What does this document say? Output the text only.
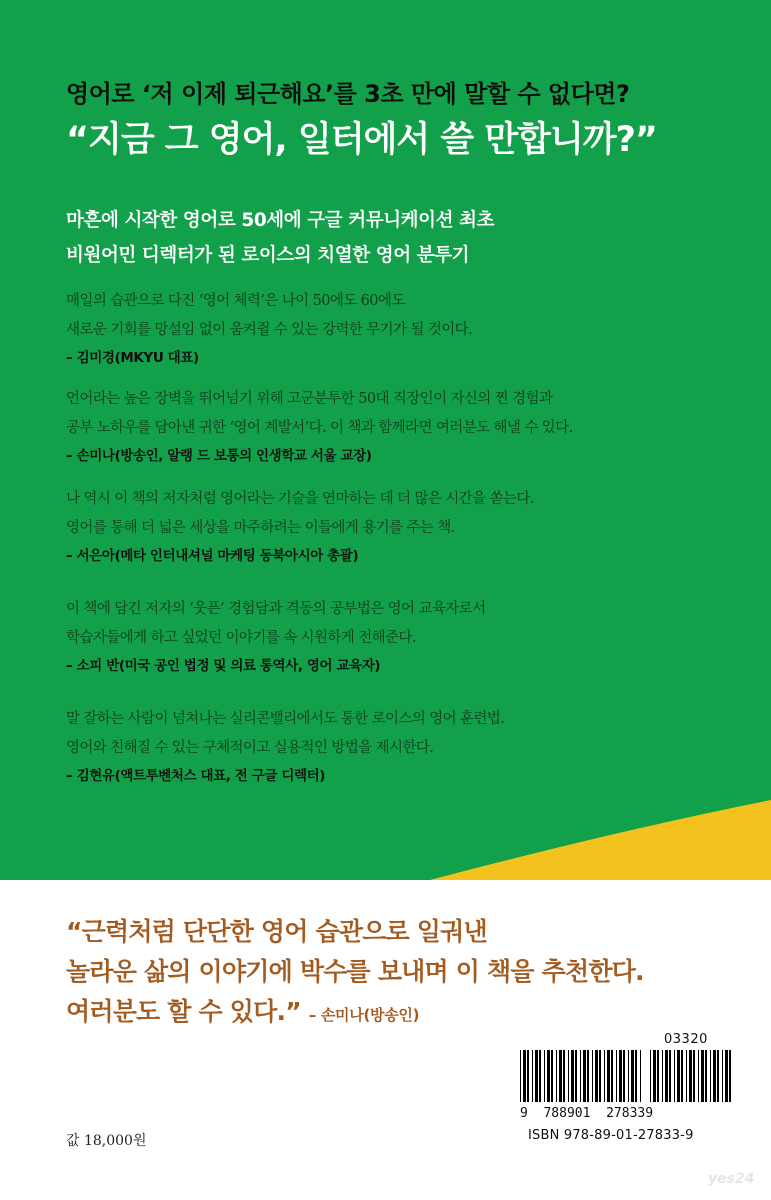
영어로 ‘저 이제 퇴근해요’를 3초 만에 말할 수 없다면?

“지금 그 영어, 일터에서 쓸 만합니까?”

마흔에 시작한 영어로 50세에 구글 커뮤니케이션 최초

비원어민 디렉터가 된 로이스의 치열한 영어 분투기

매일의 습관으로 다진 ‘영어 체력’은 나이 50에도 60에도

새로운 기회를 망설임 없이 움켜쥘 수 있는 강력한 무기가 될 것이다.

– 김미경(MKYU 대표)

언어라는 높은 장벽을 뛰어넘기 위해 고군분투한 50대 직장인이 자신의 찐 경험과

공부 노하우를 담아낸 귀한 ‘영어 계발서’다. 이 책과 함께라면 여러분도 해낼 수 있다.

– 손미나(방송인, 알랭 드 보통의 인생학교 서울 교장)

나 역시 이 책의 저자처럼 영어라는 기술을 연마하는 데 더 많은 시간을 쏟는다.

영어를 통해 더 넓은 세상을 마주하려는 이들에게 용기를 주는 책.

– 서은아(메타 인터내셔널 마케팅 동북아시아 총괄)

이 책에 담긴 저자의 ‘웃픈’ 경험담과 격동의 공부법은 영어 교육자로서

학습자들에게 하고 싶었던 이야기를 속 시원하게 전해준다.

– 소피 반(미국 공인 법정 및 의료 통역사, 영어 교육자)

말 잘하는 사람이 넘쳐나는 실리콘밸리에서도 통한 로이스의 영어 훈련법.

영어와 친해질 수 있는 구체적이고 실용적인 방법을 제시한다.

– 김현유(액트투벤처스 대표, 전 구글 디렉터)

“근력처럼 단단한 영어 습관으로 일궈낸

놀라운 삶의 이야기에 박수를 보내며 이 책을 추천한다.

여러분도 할 수 있다.” – 손미나(방송인)

03320
9  788901  278339
ISBN 978-89-01-27833-9
값 18,000원
yes24
